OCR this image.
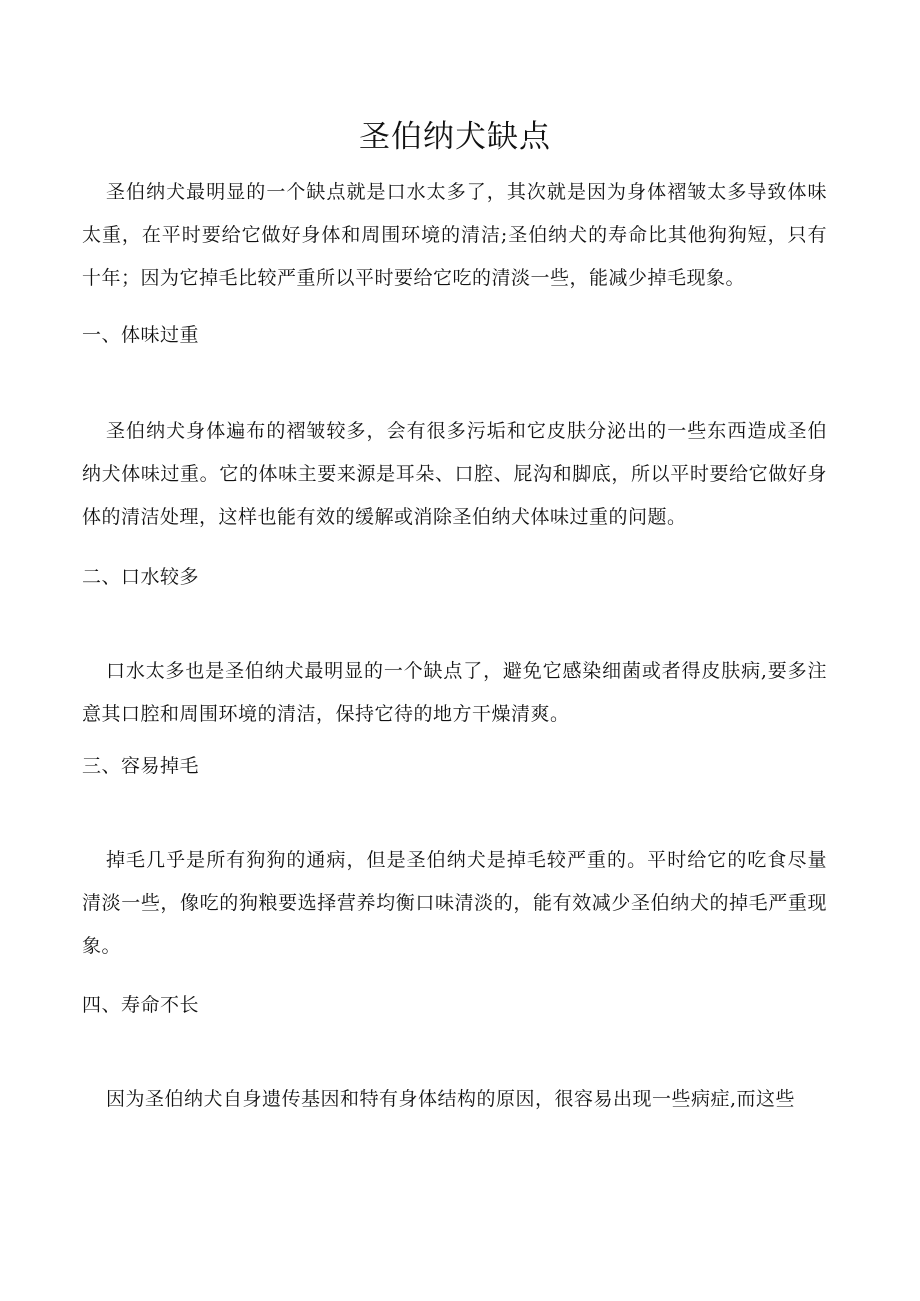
圣伯纳犬缺点

圣伯纳犬最明显的一个缺点就是口水太多了，其次就是因为身体褶皱太多导致体味太重，在平时要给它做好身体和周围环境的清洁;圣伯纳犬的寿命比其他狗狗短，只有十年；因为它掉毛比较严重所以平时要给它吃的清淡一些，能减少掉毛现象。

一、体味过重

圣伯纳犬身体遍布的褶皱较多，会有很多污垢和它皮肤分泌出的一些东西造成圣伯纳犬体味过重。它的体味主要来源是耳朵、口腔、屁沟和脚底，所以平时要给它做好身体的清洁处理，这样也能有效的缓解或消除圣伯纳犬体味过重的问题。

二、口水较多

口水太多也是圣伯纳犬最明显的一个缺点了，避免它感染细菌或者得皮肤病,要多注意其口腔和周围环境的清洁，保持它待的地方干燥清爽。

三、容易掉毛

掉毛几乎是所有狗狗的通病，但是圣伯纳犬是掉毛较严重的。平时给它的吃食尽量清淡一些，像吃的狗粮要选择营养均衡口味清淡的，能有效减少圣伯纳犬的掉毛严重现象。

四、寿命不长

因为圣伯纳犬自身遗传基因和特有身体结构的原因，很容易出现一些病症,而这些
